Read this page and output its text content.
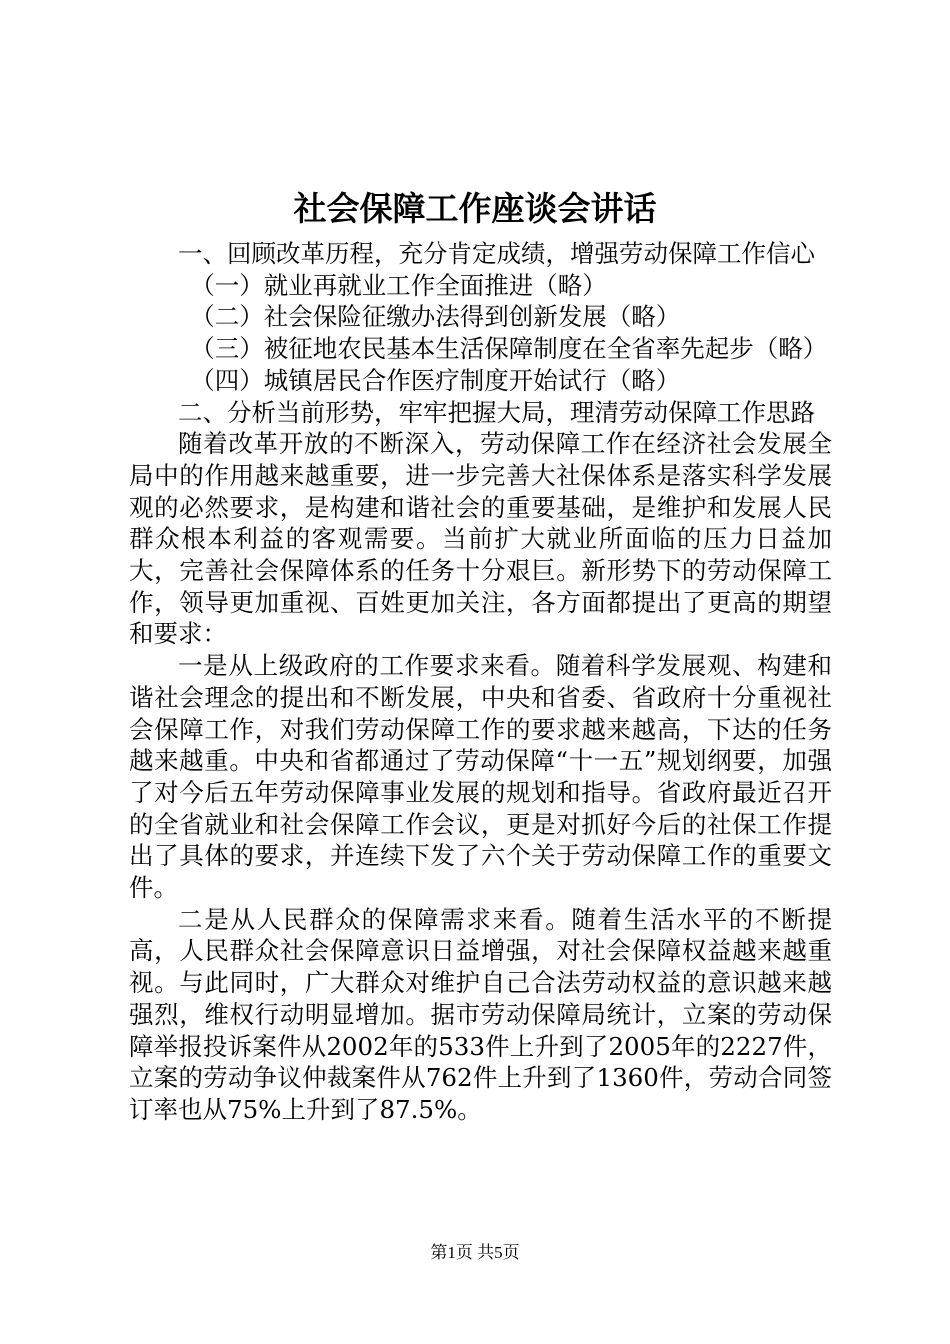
社会保障工作座谈会讲话

一、回顾改革历程，充分肯定成绩，增强劳动保障工作信心

（一）就业再就业工作全面推进（略）

（二）社会保险征缴办法得到创新发展（略）

（三）被征地农民基本生活保障制度在全省率先起步（略）

（四）城镇居民合作医疗制度开始试行（略）

二、分析当前形势，牢牢把握大局，理清劳动保障工作思路

随着改革开放的不断深入，劳动保障工作在经济社会发展全局中的作用越来越重要，进一步完善大社保体系是落实科学发展观的必然要求，是构建和谐社会的重要基础，是维护和发展人民群众根本利益的客观需要。当前扩大就业所面临的压力日益加大，完善社会保障体系的任务十分艰巨。新形势下的劳动保障工作，领导更加重视、百姓更加关注，各方面都提出了更高的期望和要求：

一是从上级政府的工作要求来看。随着科学发展观、构建和谐社会理念的提出和不断发展，中央和省委、省政府十分重视社会保障工作，对我们劳动保障工作的要求越来越高，下达的任务越来越重。中央和省都通过了劳动保障“十一五”规划纲要，加强了对今后五年劳动保障事业发展的规划和指导。省政府最近召开的全省就业和社会保障工作会议，更是对抓好今后的社保工作提出了具体的要求，并连续下发了六个关于劳动保障工作的重要文件。

二是从人民群众的保障需求来看。随着生活水平的不断提高，人民群众社会保障意识日益增强，对社会保障权益越来越重视。与此同时，广大群众对维护自己合法劳动权益的意识越来越强烈，维权行动明显增加。据市劳动保障局统计，立案的劳动保障举报投诉案件从2002年的533件上升到了2005年的2227件，立案的劳动争议仲裁案件从762件上升到了1360件，劳动合同签订率也从75%上升到了87.5%。

第1页 共5页
